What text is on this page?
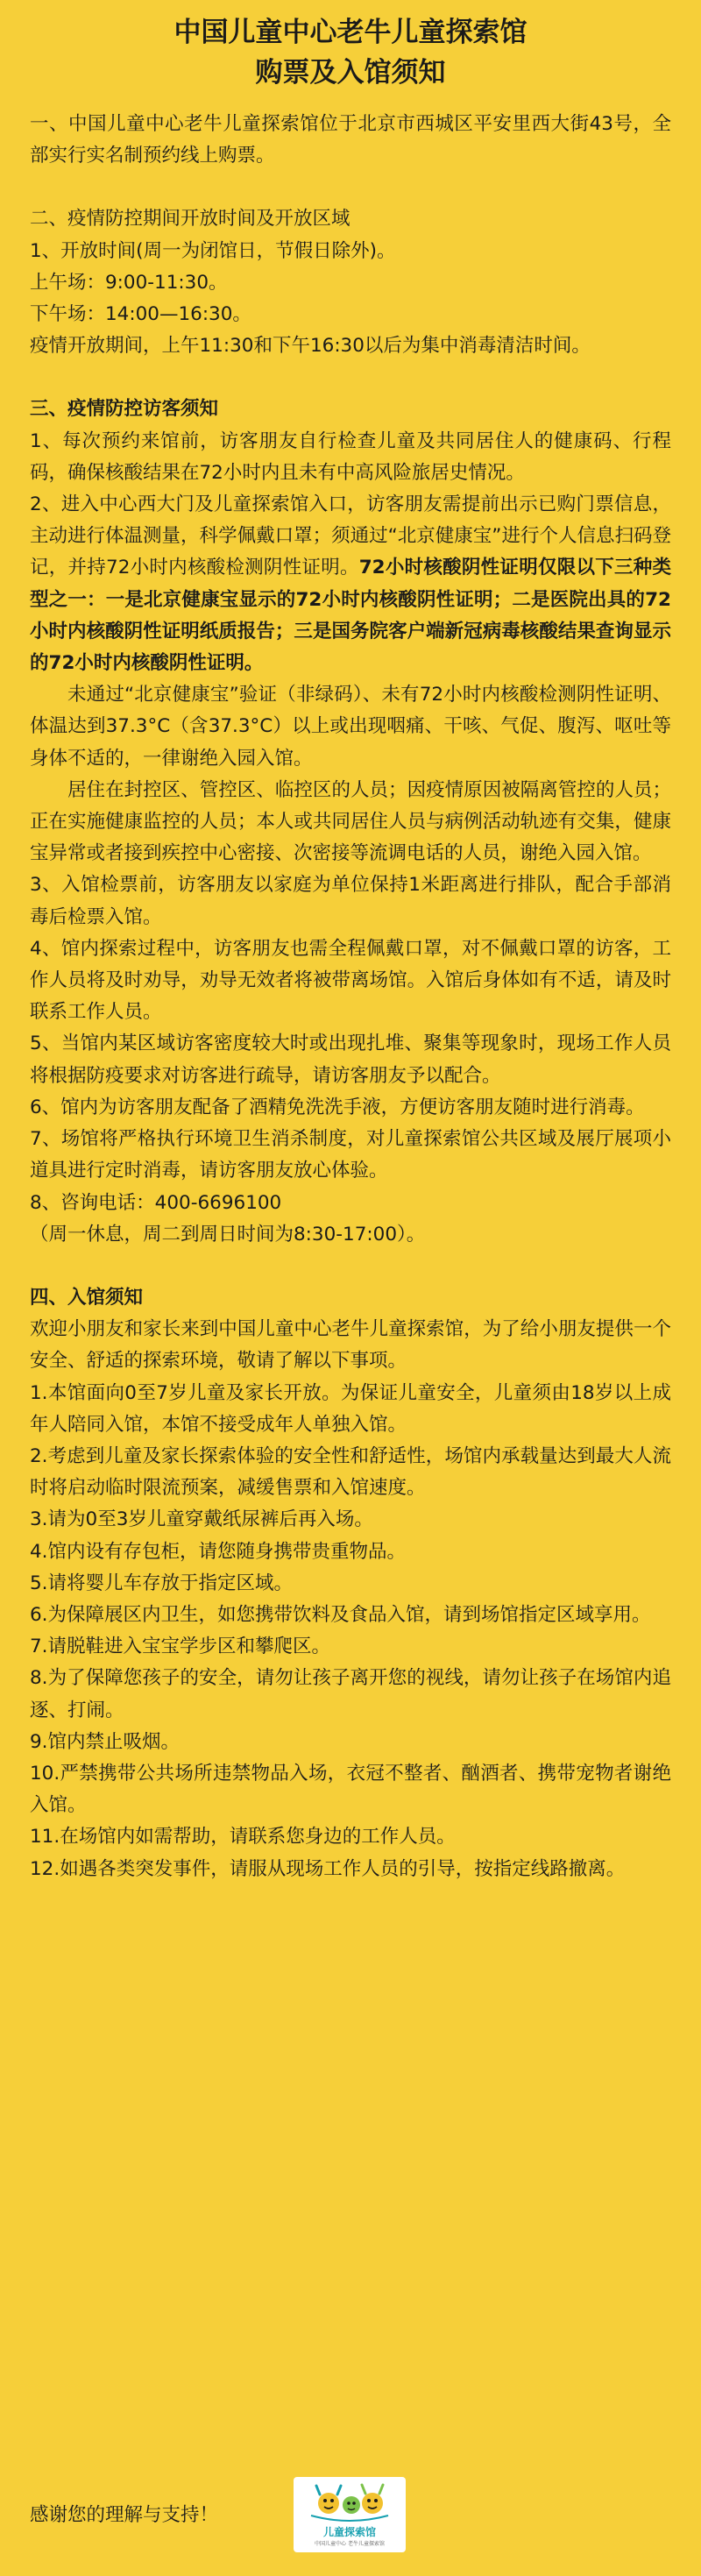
中国儿童中心老牛儿童探索馆
购票及入馆须知

一、中国儿童中心老牛儿童探索馆位于北京市西城区平安里西大街43号，全部实行实名制预约线上购票。

二、疫情防控期间开放时间及开放区域

1、开放时间(周一为闭馆日，节假日除外)。

上午场：9:00-11:30。

下午场：14:00—16:30。

疫情开放期间，上午11:30和下午16:30以后为集中消毒清洁时间。

三、疫情防控访客须知

1、每次预约来馆前，访客朋友自行检查儿童及共同居住人的健康码、行程码，确保核酸结果在72小时内且未有中高风险旅居史情况。

2、进入中心西大门及儿童探索馆入口，访客朋友需提前出示已购门票信息，主动进行体温测量，科学佩戴口罩；须通过“北京健康宝”进行个人信息扫码登记，并持72小时内核酸检测阴性证明。72小时核酸阴性证明仅限以下三种类型之一：一是北京健康宝显示的72小时内核酸阴性证明；二是医院出具的72小时内核酸阴性证明纸质报告；三是国务院客户端新冠病毒核酸结果查询显示的72小时内核酸阴性证明。

未通过“北京健康宝”验证（非绿码）、未有72小时内核酸检测阴性证明、体温达到37.3°C（含37.3°C）以上或出现咽痛、干咳、气促、腹泻、呕吐等身体不适的，一律谢绝入园入馆。

居住在封控区、管控区、临控区的人员；因疫情原因被隔离管控的人员；正在实施健康监控的人员；本人或共同居住人员与病例活动轨迹有交集，健康宝异常或者接到疾控中心密接、次密接等流调电话的人员，谢绝入园入馆。

3、入馆检票前，访客朋友以家庭为单位保持1米距离进行排队，配合手部消毒后检票入馆。

4、馆内探索过程中，访客朋友也需全程佩戴口罩，对不佩戴口罩的访客，工作人员将及时劝导，劝导无效者将被带离场馆。入馆后身体如有不适，请及时联系工作人员。

5、当馆内某区域访客密度较大时或出现扎堆、聚集等现象时，现场工作人员将根据防疫要求对访客进行疏导，请访客朋友予以配合。

6、馆内为访客朋友配备了酒精免洗洗手液，方便访客朋友随时进行消毒。

7、场馆将严格执行环境卫生消杀制度，对儿童探索馆公共区域及展厅展项小道具进行定时消毒，请访客朋友放心体验。

8、咨询电话：400-6696100

（周一休息，周二到周日时间为8:30-17:00）。

四、入馆须知

欢迎小朋友和家长来到中国儿童中心老牛儿童探索馆，为了给小朋友提供一个安全、舒适的探索环境，敬请了解以下事项。

1.本馆面向0至7岁儿童及家长开放。为保证儿童安全，儿童须由18岁以上成年人陪同入馆，本馆不接受成年人单独入馆。

2.考虑到儿童及家长探索体验的安全性和舒适性，场馆内承载量达到最大人流时将启动临时限流预案，减缓售票和入馆速度。

3.请为0至3岁儿童穿戴纸尿裤后再入场。

4.馆内设有存包柜，请您随身携带贵重物品。

5.请将婴儿车存放于指定区域。

6.为保障展区内卫生，如您携带饮料及食品入馆，请到场馆指定区域享用。

7.请脱鞋进入宝宝学步区和攀爬区。

8.为了保障您孩子的安全，请勿让孩子离开您的视线，请勿让孩子在场馆内追逐、打闹。

9.馆内禁止吸烟。

10.严禁携带公共场所违禁物品入场，衣冠不整者、酗酒者、携带宠物者谢绝入馆。

11.在场馆内如需帮助，请联系您身边的工作人员。

12.如遇各类突发事件，请服从现场工作人员的引导，按指定线路撤离。

感谢您的理解与支持！
儿童探索馆
中国儿童中心 老牛儿童探索馆
